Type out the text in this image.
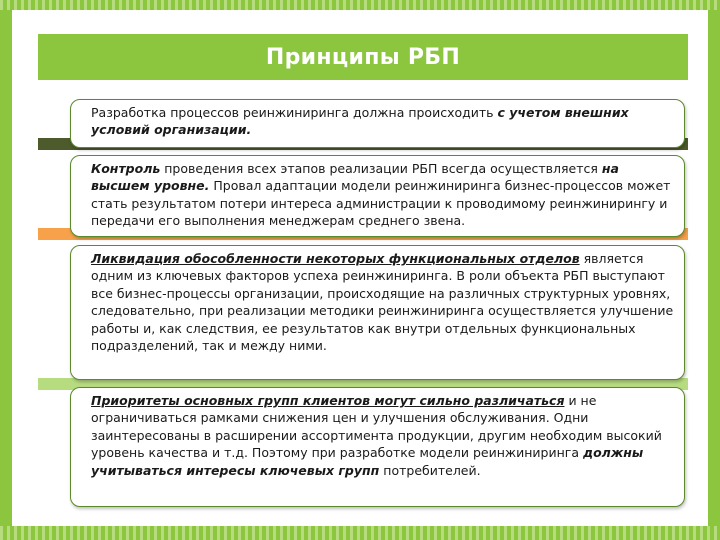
Принципы РБП
Разработка процессов реинжиниринга должна происходить с учетом внешних условий организации.
Контроль проведения всех этапов реализации РБП всегда осуществляется на высшем уровне. Провал адаптации модели реинжиниринга бизнес-процессов может стать результатом потери интереса администрации к проводимому реинжинирингу и передачи его выполнения менеджерам среднего звена.
Ликвидация обособленности некоторых функциональных отделов является одним из ключевых факторов успеха реинжиниринга. В роли объекта РБП выступают все бизнес-процессы организации, происходящие на различных структурных уровнях, следовательно, при реализации методики реинжиниринга осуществляется улучшение работы и, как следствия, ее результатов как внутри отдельных функциональных подразделений, так и между ними.
Приоритеты основных групп клиентов могут сильно различаться и не ограничиваться рамками снижения цен и улучшения обслуживания. Одни заинтересованы в расширении ассортимента продукции, другим необходим высокий уровень качества и т.д. Поэтому при разработке модели реинжиниринга должны учитываться интересы ключевых групп потребителей.
